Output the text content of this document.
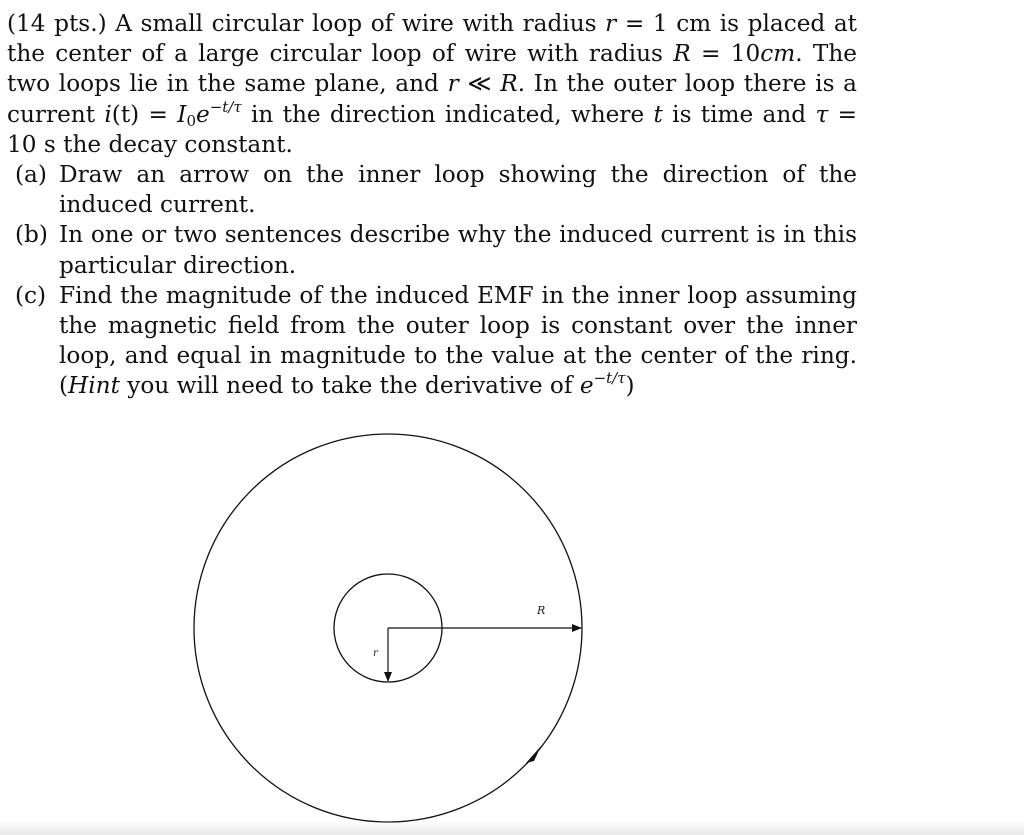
(14 pts.) A small circular loop of wire with radius r = 1 cm is placed at the center of a large circular loop of wire with radius R = 10cm. The two loops lie in the same plane, and r ≪ R. In the outer loop there is a current $i(t) = I_0e^{-t/\tau}$ in the direction indicated, where t is time and τ = 10 s the decay constant.

(a) Draw an arrow on the inner loop showing the direction of the induced current.
(b) In one or two sentences describe why the induced current is in this particular direction.
(c) Find the magnitude of the induced EMF in the inner loop assuming the magnetic field from the outer loop is constant over the inner loop, and equal in magnitude to the value at the center of the ring. (Hint you will need to take the derivative of $e^{-t/\tau}$)
R
r
